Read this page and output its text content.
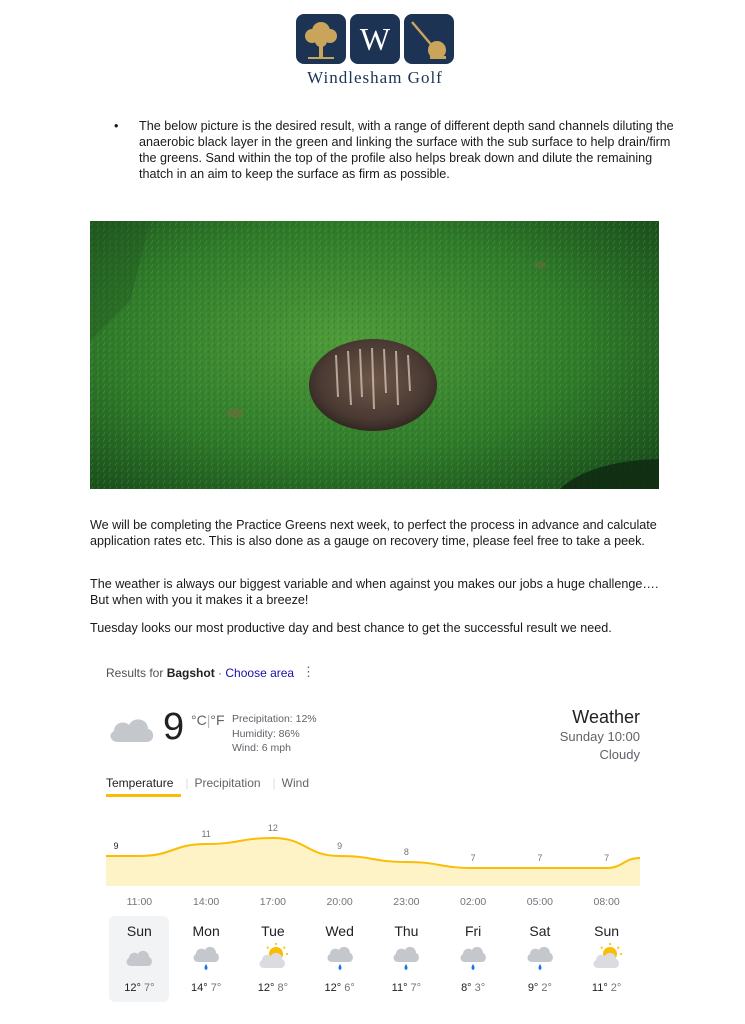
W
Windlesham Golf
• The below picture is the desired result, with a range of different depth sand channels diluting the anaerobic black layer in the green and linking the surface with the sub surface to help drain/firm the greens. Sand within the top of the profile also helps break down and dilute the remaining thatch in an aim to keep the surface as firm as possible.

We will be completing the Practice Greens next week, to perfect the process in advance and calculate application rates etc. This is also done as a gauge on recovery time, please feel free to take a peek.

The weather is always our biggest variable and when against you makes our jobs a huge challenge…. But when with you it makes it a breeze!

Tuesday looks our most productive day and best chance to get the successful result we need.

Results for Bagshot · Choose area ⋮
9 °C|°F Precipitation: 12%
Humidity: 86%
Wind: 6 mph
Weather
Sunday 10:00
Cloudy
Temperature | Precipitation | Wind
9
11
12
9
8
7	7	7
11:00	14:00	17:00	20:00	23:00	02:00	05:00	08:00
Sun
12° 7°
Mon
14° 7°
Tue
12° 8°
Wed
12° 6°
Thu
11° 7°
Fri
8° 3°
Sat
9° 2°
Sun
11° 2°
